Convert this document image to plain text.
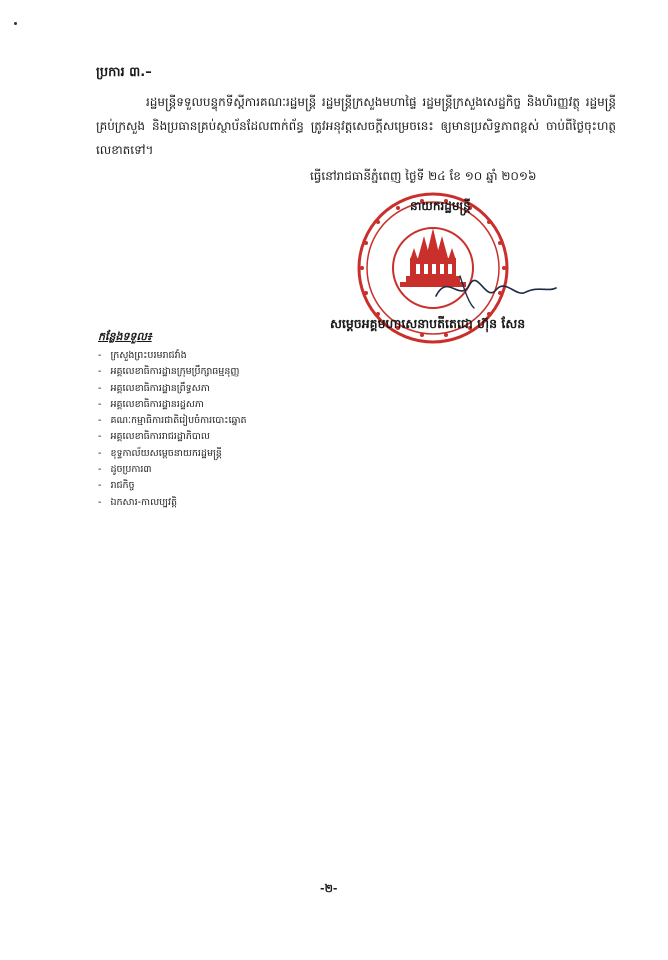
ប្រការ ៣.–
រដ្ឋមន្ត្រីទទួលបន្ទុកទីស្តីការគណៈរដ្ឋមន្ត្រី រដ្ឋមន្ត្រីក្រសួងមហាផ្ទៃ រដ្ឋមន្ត្រីក្រសួងសេដ្ឋកិច្ច និងហិរញ្ញវត្ថុ រដ្ឋមន្ត្រីគ្រប់ក្រសួង និងប្រធានគ្រប់ស្ថាប័នដែលពាក់ព័ន្ធ ត្រូវអនុវត្តសេចក្តីសម្រេចនេះ ឲ្យមានប្រសិទ្ធភាពខ្ពស់ ចាប់ពីថ្ងៃចុះហត្ថលេខាតទៅ។
ធ្វើនៅរាជធានីភ្នំពេញ ថ្ងៃទី ២៤ ខែ ១០ ឆ្នាំ ២០១៦
នាយករដ្ឋមន្ត្រី
សម្តេចអគ្គមហាសេនាបតីតេជោ ហ៊ុន សែន
កន្លែងទទួល៖
- ក្រសួងព្រះបរមរាជវាំង
- អគ្គលេខាធិការដ្ឋានក្រុមប្រឹក្សាធម្មនុញ្ញ
- អគ្គលេខាធិការដ្ឋានព្រឹទ្ធសភា
- អគ្គលេខាធិការដ្ឋានរដ្ឋសភា
- គណៈកម្មាធិការជាតិរៀបចំការបោះឆ្នោត
- អគ្គលេខាធិការរាជរដ្ឋាភិបាល
- ខុទ្ទកាល័យសម្តេចនាយករដ្ឋមន្ត្រី
- ដូចប្រការ៣
- រាជកិច្ច
- ឯកសារ-កាលប្បវត្តិ
-២-
